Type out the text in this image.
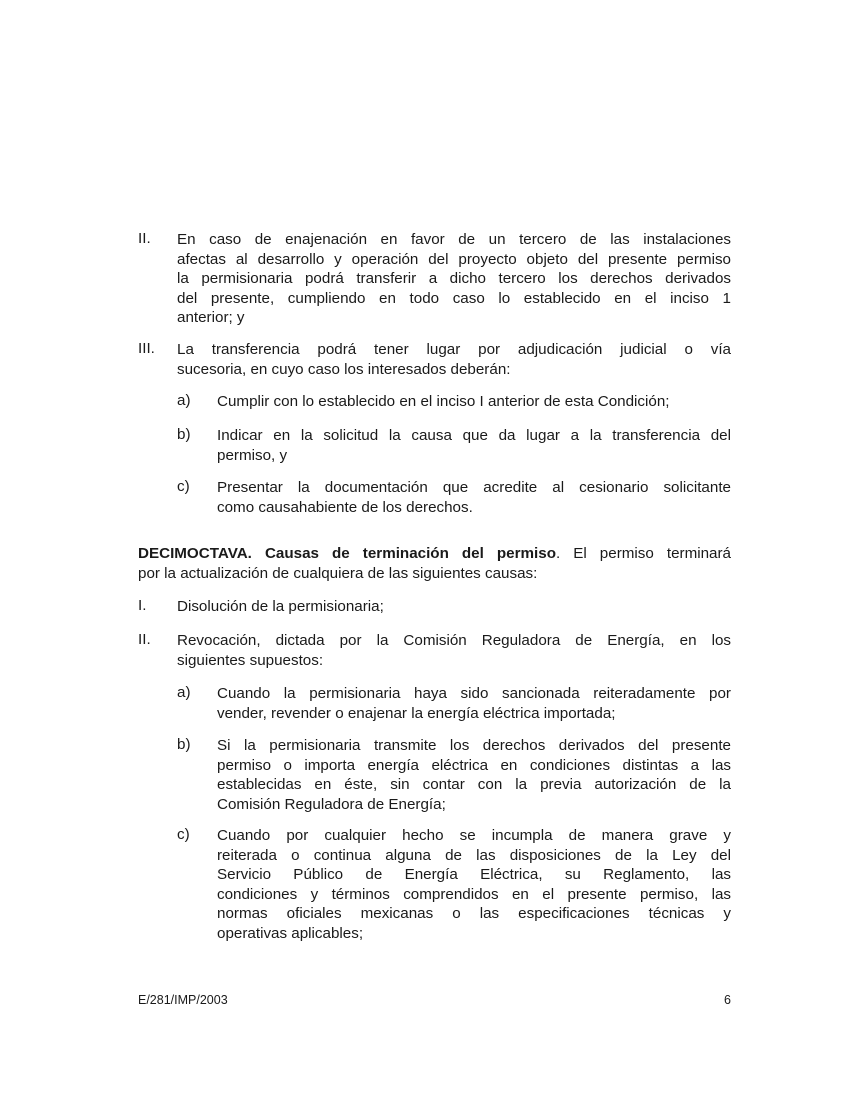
II. En caso de enajenación en favor de un tercero de las instalaciones
afectas al desarrollo y operación del proyecto objeto del presente permiso
la permisionaria podrá transferir a dicho tercero los derechos derivados
del presente, cumpliendo en todo caso lo establecido en el inciso 1
anterior; y
III. La transferencia podrá tener lugar por adjudicación judicial o vía
sucesoria, en cuyo caso los interesados deberán:
a) Cumplir con lo establecido en el inciso I anterior de esta Condición;
b) Indicar en la solicitud la causa que da lugar a la transferencia del
permiso, y
c) Presentar la documentación que acredite al cesionario solicitante
como causahabiente de los derechos.
DECIMOCTAVA. Causas de terminación del permiso. El permiso terminará
por la actualización de cualquiera de las siguientes causas:
I. Disolución de la permisionaria;
II. Revocación, dictada por la Comisión Reguladora de Energía, en los
siguientes supuestos:
a) Cuando la permisionaria haya sido sancionada reiteradamente por
vender, revender o enajenar la energía eléctrica importada;
b) Si la permisionaria transmite los derechos derivados del presente
permiso o importa energía eléctrica en condiciones distintas a las
establecidas en éste, sin contar con la previa autorización de la
Comisión Reguladora de Energía;
c) Cuando por cualquier hecho se incumpla de manera grave y
reiterada o continua alguna de las disposiciones de la Ley del
Servicio Público de Energía Eléctrica, su Reglamento, las
condiciones y términos comprendidos en el presente permiso, las
normas oficiales mexicanas o las especificaciones técnicas y
operativas aplicables;
E/281/IMP/2003	6
